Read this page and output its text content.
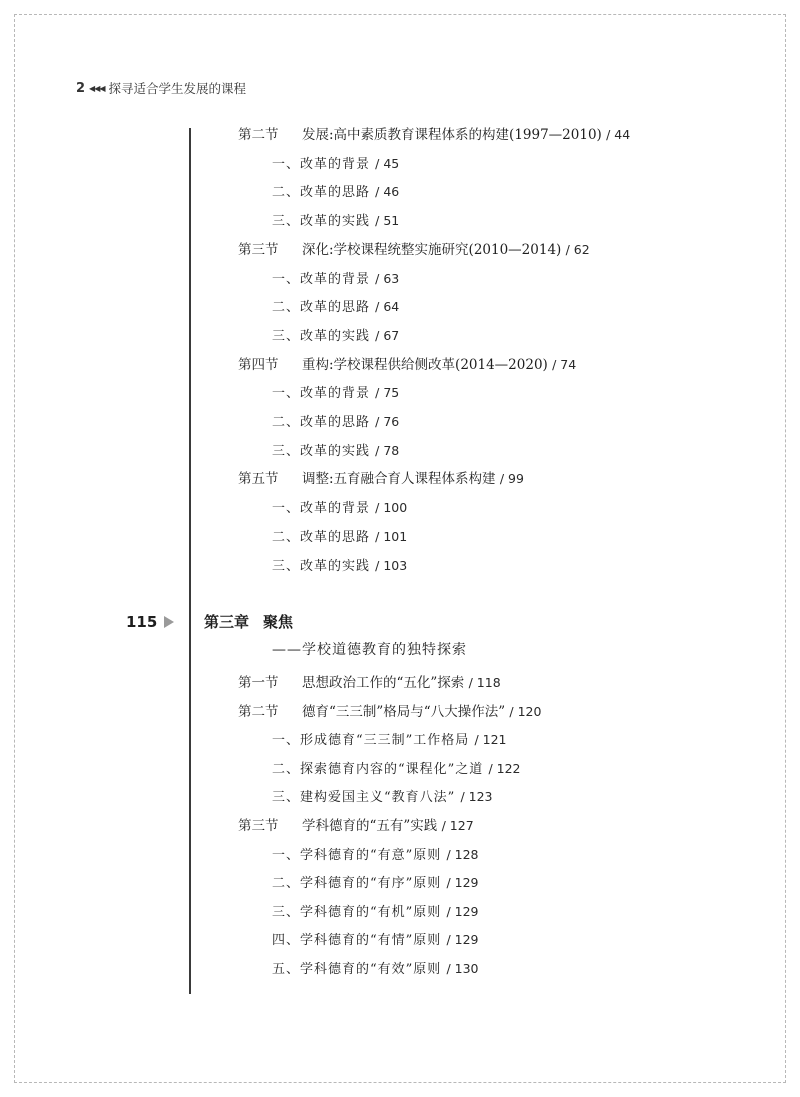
2 ◀◀◀ 探寻适合学生发展的课程
115	第三章 聚焦
——学校道德教育的独特探索
第二节 发展:高中素质教育课程体系的构建(1997—2010) / 44
一、改革的背景 / 45
二、改革的思路 / 46
三、改革的实践 / 51
第三节 深化:学校课程统整实施研究(2010—2014) / 62
一、改革的背景 / 63
二、改革的思路 / 64
三、改革的实践 / 67
第四节 重构:学校课程供给侧改革(2014—2020) / 74
一、改革的背景 / 75
二、改革的思路 / 76
三、改革的实践 / 78
第五节 调整:五育融合育人课程体系构建 / 99
一、改革的背景 / 100
二、改革的思路 / 101
三、改革的实践 / 103
第一节 思想政治工作的“五化”探索 / 118
第二节 德育“三三制”格局与“八大操作法” / 120
一、形成德育“三三制”工作格局 / 121
二、探索德育内容的“课程化”之道 / 122
三、建构爱国主义“教育八法” / 123
第三节 学科德育的“五有”实践 / 127
一、学科德育的“有意”原则 / 128
二、学科德育的“有序”原则 / 129
三、学科德育的“有机”原则 / 129
四、学科德育的“有情”原则 / 129
五、学科德育的“有效”原则 / 130
